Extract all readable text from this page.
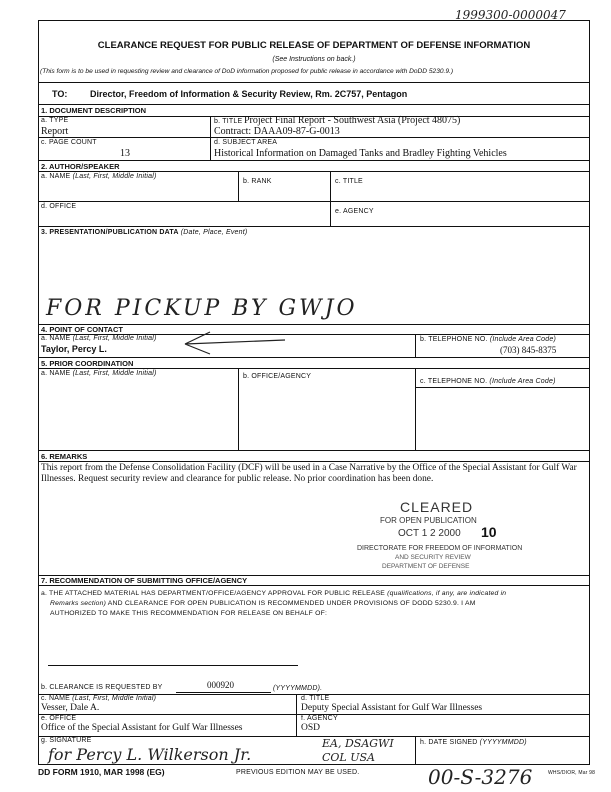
1999300-0000047
CLEARANCE REQUEST FOR PUBLIC RELEASE OF DEPARTMENT OF DEFENSE INFORMATION
(See Instructions on back.)
(This form is to be used in requesting review and clearance of DoD information proposed for public release in accordance with DoDD 5230.9.)
TO:	Director, Freedom of Information & Security Review, Rm. 2C757, Pentagon
1. DOCUMENT DESCRIPTION
a. TYPE
Report
b. TITLE Project Final Report - Southwest Asia (Project 48075)
Contract: DAAA09-87-G-0013
c. PAGE COUNT
13
d. SUBJECT AREA
Historical Information on Damaged Tanks and Bradley Fighting Vehicles
2. AUTHOR/SPEAKER
a. NAME (Last, First, Middle Initial)
b. RANK	c. TITLE
d. OFFICE
e. AGENCY
3. PRESENTATION/PUBLICATION DATA (Date, Place, Event)
FOR PICKUP BY GWJO
4. POINT OF CONTACT
a. NAME (Last, First, Middle Initial)
Taylor, Percy L.
b. TELEPHONE NO. (Include Area Code)
(703) 845-8375
5. PRIOR COORDINATION
a. NAME (Last, First, Middle Initial)	b. OFFICE/AGENCY
c. TELEPHONE NO. (Include Area Code)
6. REMARKS
This report from the Defense Consolidation Facility (DCF) will be used in a Case Narrative by the Office of the Special Assistant for Gulf War Illnesses. Request security review and clearance for public release. No prior coordination has been done.
CLEARED
FOR OPEN PUBLICATION
OCT 1 2 2000 10
DIRECTORATE FOR FREEDOM OF INFORMATION
AND SECURITY REVIEW
DEPARTMENT OF DEFENSE
7. RECOMMENDATION OF SUBMITTING OFFICE/AGENCY
a. THE ATTACHED MATERIAL HAS DEPARTMENT/OFFICE/AGENCY APPROVAL FOR PUBLIC RELEASE (qualifications, if any, are indicated in
Remarks section) AND CLEARANCE FOR OPEN PUBLICATION IS RECOMMENDED UNDER PROVISIONS OF DODD 5230.9. I AM
AUTHORIZED TO MAKE THIS RECOMMENDATION FOR RELEASE ON BEHALF OF:
b. CLEARANCE IS REQUESTED BY	000920	(YYYYMMDD).
c. NAME (Last, First, Middle Initial)
Vesser, Dale A.
d. TITLE
Deputy Special Assistant for Gulf War Illnesses
e. OFFICE
Office of the Special Assistant for Gulf War Illnesses
f. AGENCY
OSD
g. SIGNATURE
for Percy L. Wilkerson Jr.
EA, DSAGWI
COL USA
h. DATE SIGNED (YYYYMMDD)
DD FORM 1910, MAR 1998 (EG)	PREVIOUS EDITION MAY BE USED.	WHS/DIOR, Mar 98
00-S-3276
